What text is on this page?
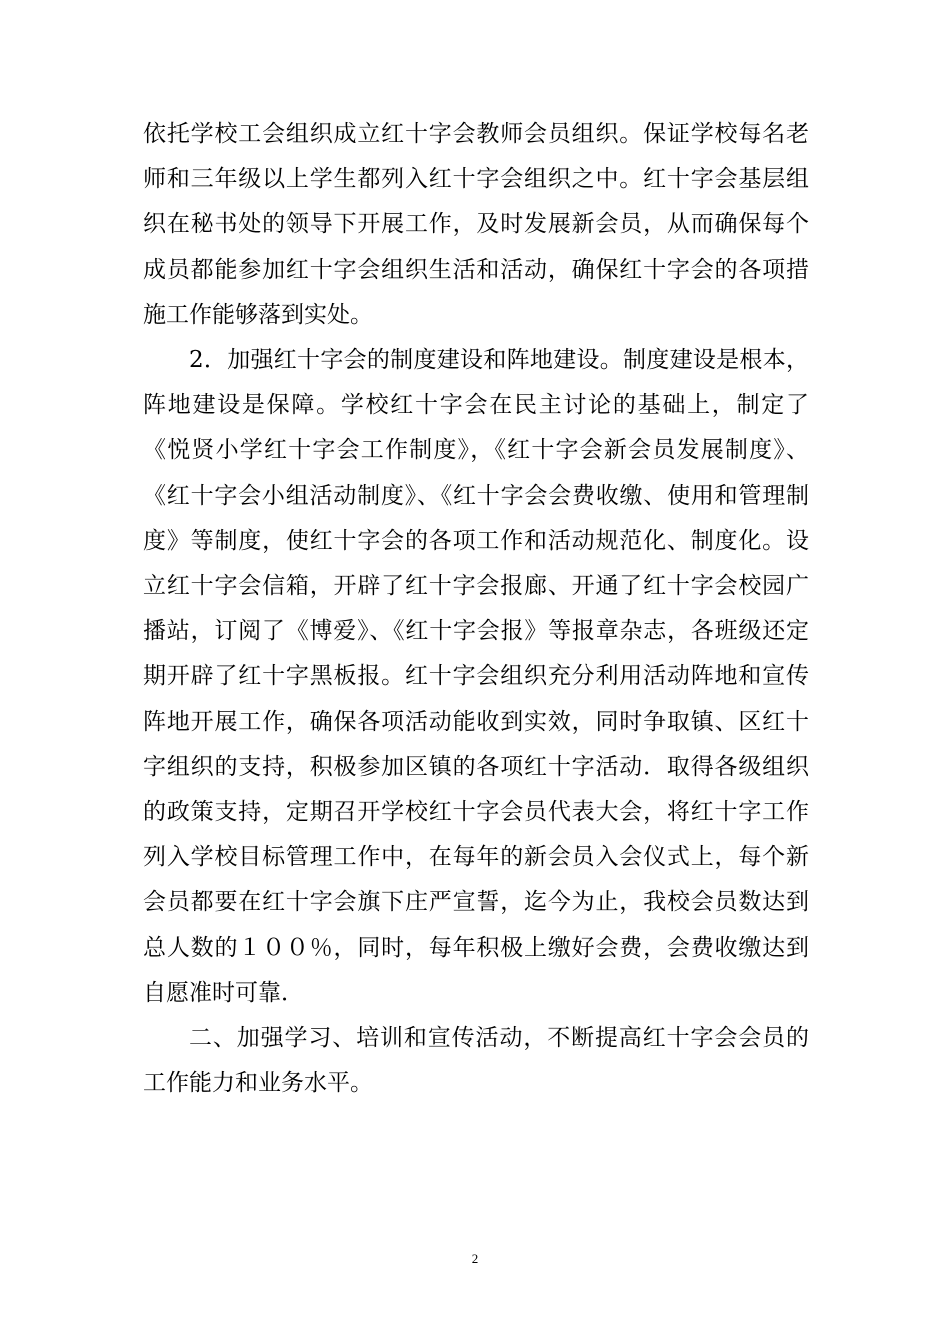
依托学校工会组织成立红十字会教师会员组织。保证学校每名老师和三年级以上学生都列入红十字会组织之中。红十字会基层组织在秘书处的领导下开展工作，及时发展新会员，从而确保每个成员都能参加红十字会组织生活和活动，确保红十字会的各项措施工作能够落到实处。

2．加强红十字会的制度建设和阵地建设。制度建设是根本，阵地建设是保障。学校红十字会在民主讨论的基础上，制定了《悦贤小学红十字会工作制度》，《红十字会新会员发展制度》、《红十字会小组活动制度》、《红十字会会费收缴、使用和管理制度》等制度，使红十字会的各项工作和活动规范化、制度化。设立红十字会信箱，开辟了红十字会报廊、开通了红十字会校园广播站，订阅了《博爱》、《红十字会报》等报章杂志，各班级还定期开辟了红十字黑板报。红十字会组织充分利用活动阵地和宣传阵地开展工作，确保各项活动能收到实效，同时争取镇、区红十字组织的支持，积极参加区镇的各项红十字活动．取得各级组织的政策支持，定期召开学校红十字会员代表大会，将红十字工作列入学校目标管理工作中，在每年的新会员入会仪式上，每个新会员都要在红十字会旗下庄严宣誓，迄今为止，我校会员数达到总人数的１００％，同时，每年积极上缴好会费，会费收缴达到自愿准时可靠．

二、加强学习、培训和宣传活动，不断提高红十字会会员的工作能力和业务水平。

2
